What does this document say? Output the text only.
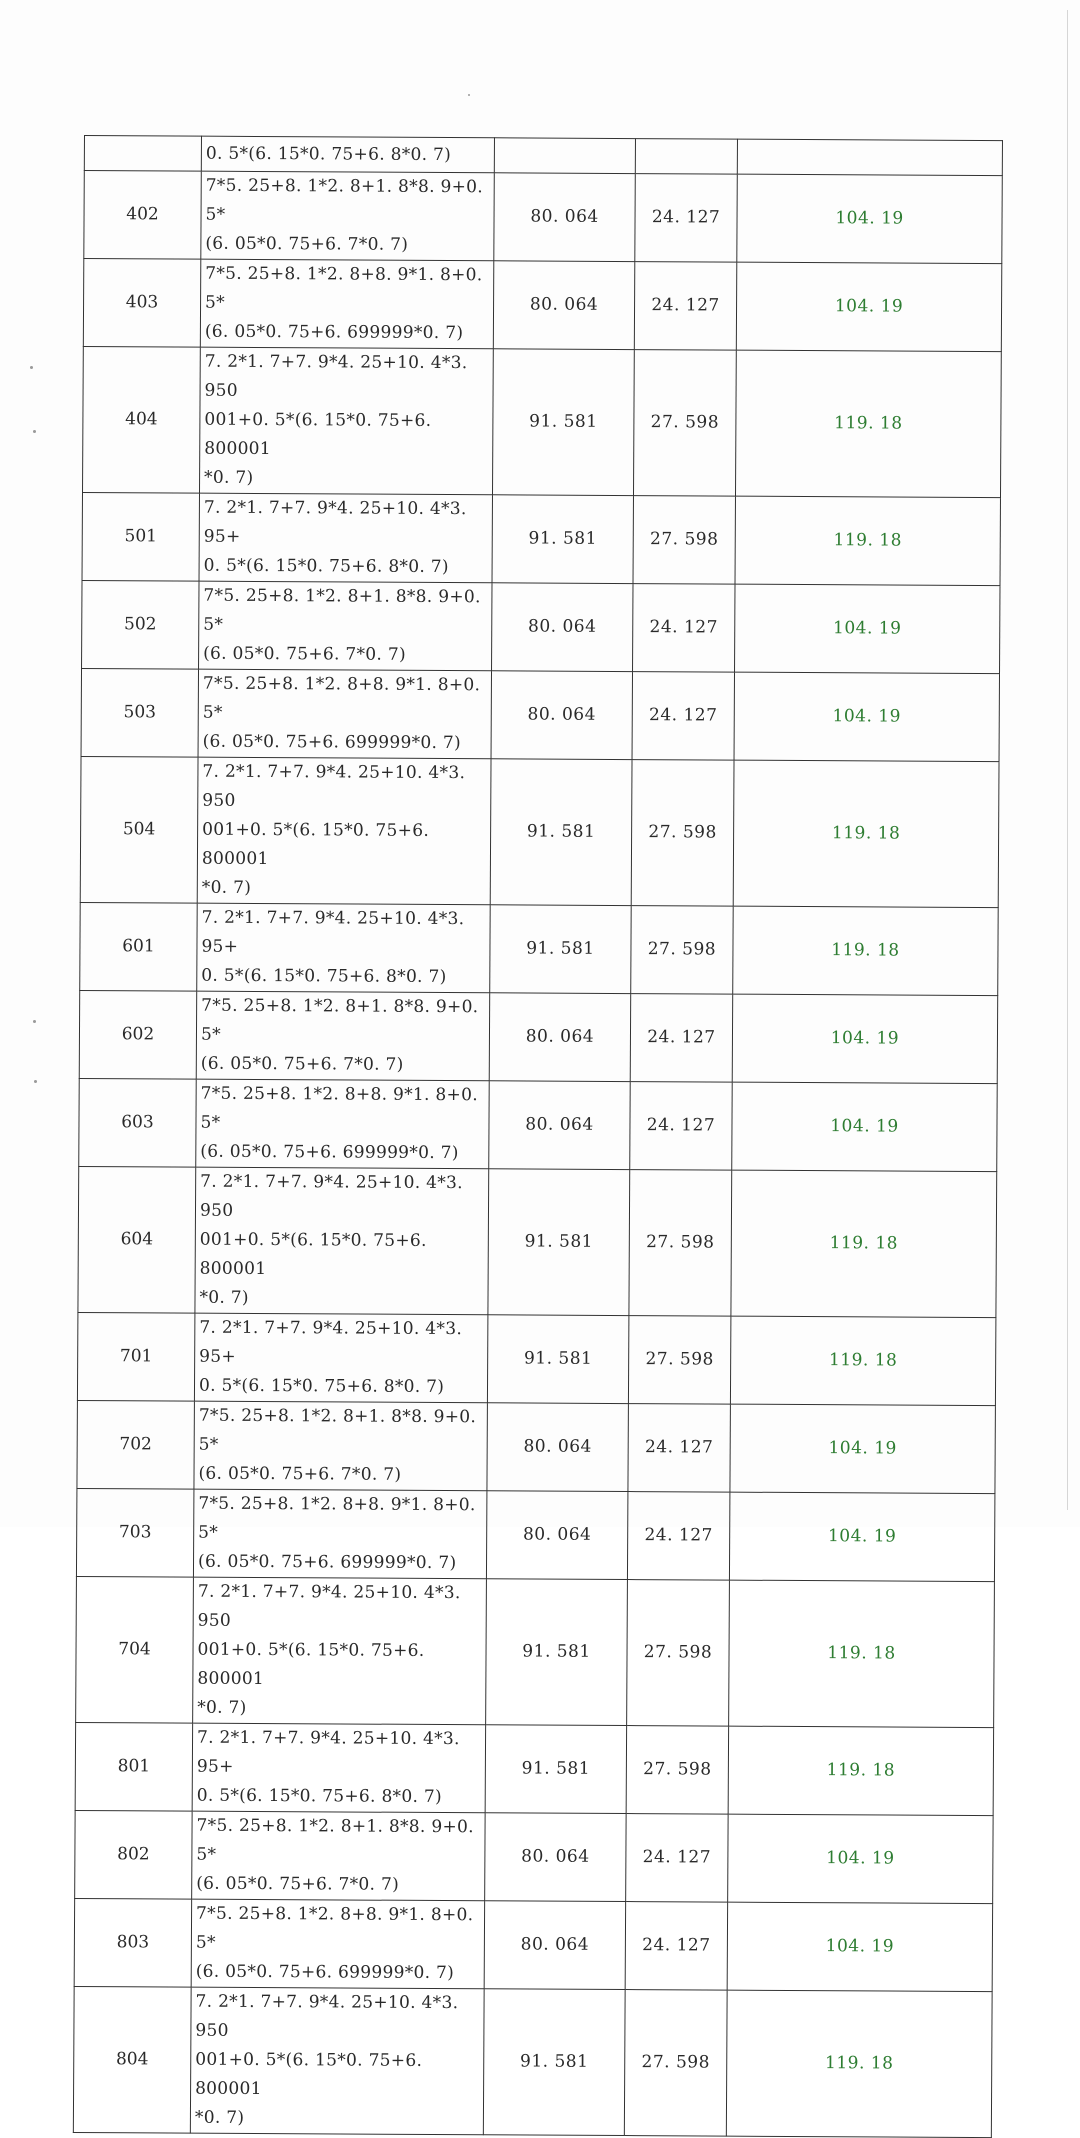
	0. 5*(6. 15*0. 75+6. 8*0. 7)			
402	7*5. 25+8. 1*2. 8+1. 8*8. 9+0. 5*
(6. 05*0. 75+6. 7*0. 7)	80. 064	24. 127	104. 19
403	7*5. 25+8. 1*2. 8+8. 9*1. 8+0. 5*
(6. 05*0. 75+6. 699999*0. 7)	80. 064	24. 127	104. 19
404	7. 2*1. 7+7. 9*4. 25+10. 4*3. 950
001+0. 5*(6. 15*0. 75+6. 800001
*0. 7)	91. 581	27. 598	119. 18
501	7. 2*1. 7+7. 9*4. 25+10. 4*3. 95+
0. 5*(6. 15*0. 75+6. 8*0. 7)	91. 581	27. 598	119. 18
502	7*5. 25+8. 1*2. 8+1. 8*8. 9+0. 5*
(6. 05*0. 75+6. 7*0. 7)	80. 064	24. 127	104. 19
503	7*5. 25+8. 1*2. 8+8. 9*1. 8+0. 5*
(6. 05*0. 75+6. 699999*0. 7)	80. 064	24. 127	104. 19
504	7. 2*1. 7+7. 9*4. 25+10. 4*3. 950
001+0. 5*(6. 15*0. 75+6. 800001
*0. 7)	91. 581	27. 598	119. 18
601	7. 2*1. 7+7. 9*4. 25+10. 4*3. 95+
0. 5*(6. 15*0. 75+6. 8*0. 7)	91. 581	27. 598	119. 18
602	7*5. 25+8. 1*2. 8+1. 8*8. 9+0. 5*
(6. 05*0. 75+6. 7*0. 7)	80. 064	24. 127	104. 19
603	7*5. 25+8. 1*2. 8+8. 9*1. 8+0. 5*
(6. 05*0. 75+6. 699999*0. 7)	80. 064	24. 127	104. 19
604	7. 2*1. 7+7. 9*4. 25+10. 4*3. 950
001+0. 5*(6. 15*0. 75+6. 800001
*0. 7)	91. 581	27. 598	119. 18
701	7. 2*1. 7+7. 9*4. 25+10. 4*3. 95+
0. 5*(6. 15*0. 75+6. 8*0. 7)	91. 581	27. 598	119. 18
702	7*5. 25+8. 1*2. 8+1. 8*8. 9+0. 5*
(6. 05*0. 75+6. 7*0. 7)	80. 064	24. 127	104. 19
703	7*5. 25+8. 1*2. 8+8. 9*1. 8+0. 5*
(6. 05*0. 75+6. 699999*0. 7)	80. 064	24. 127	104. 19
704	7. 2*1. 7+7. 9*4. 25+10. 4*3. 950
001+0. 5*(6. 15*0. 75+6. 800001
*0. 7)	91. 581	27. 598	119. 18
801	7. 2*1. 7+7. 9*4. 25+10. 4*3. 95+
0. 5*(6. 15*0. 75+6. 8*0. 7)	91. 581	27. 598	119. 18
802	7*5. 25+8. 1*2. 8+1. 8*8. 9+0. 5*
(6. 05*0. 75+6. 7*0. 7)	80. 064	24. 127	104. 19
803	7*5. 25+8. 1*2. 8+8. 9*1. 8+0. 5*
(6. 05*0. 75+6. 699999*0. 7)	80. 064	24. 127	104. 19
804	7. 2*1. 7+7. 9*4. 25+10. 4*3. 950
001+0. 5*(6. 15*0. 75+6. 800001
*0. 7)	91. 581	27. 598	119. 18
